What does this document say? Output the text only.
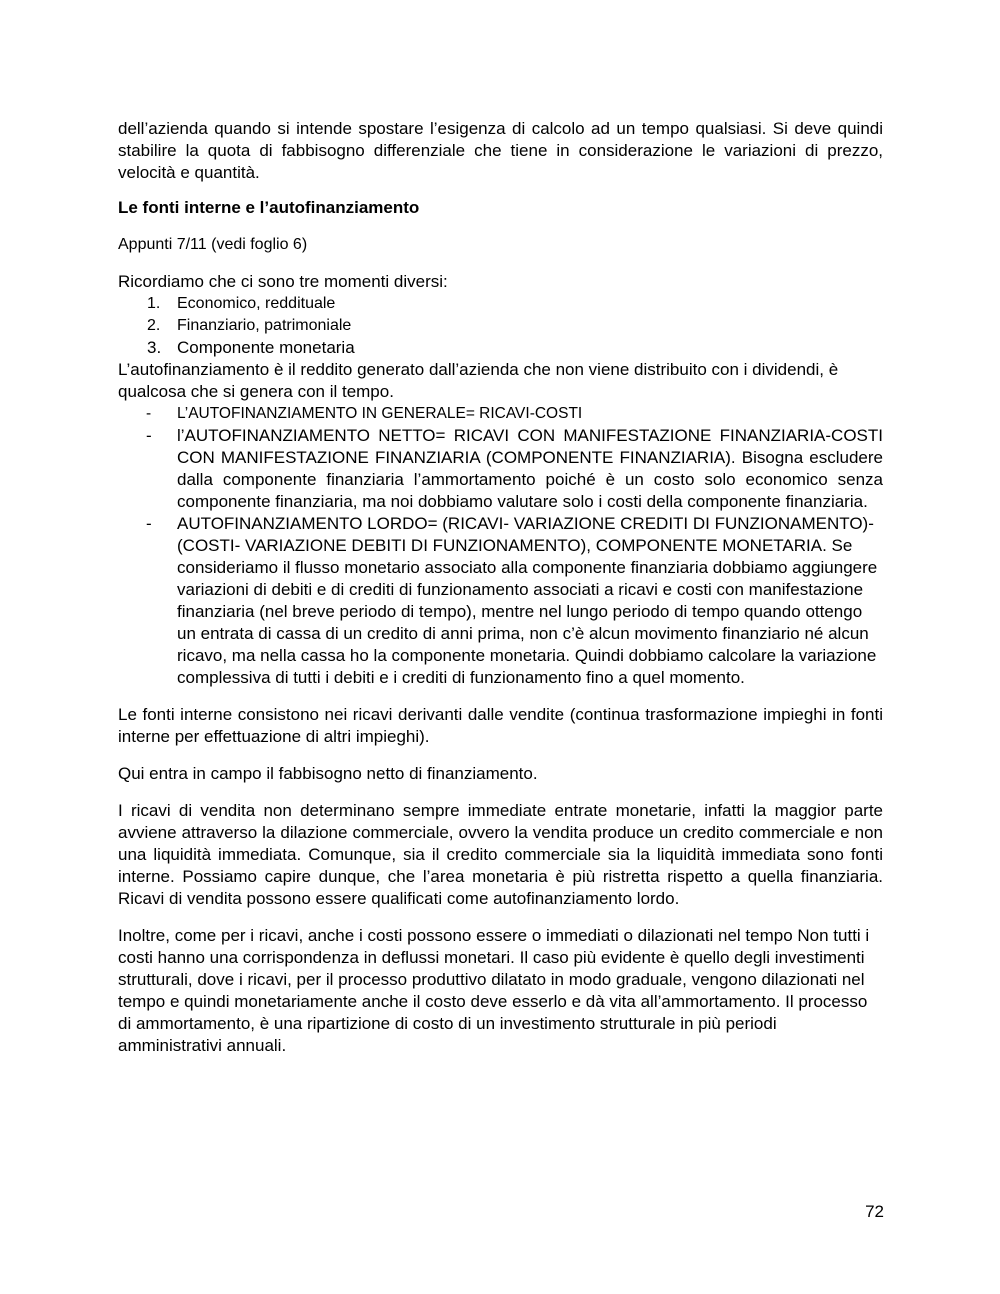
dell’azienda quando si intende spostare l’esigenza di calcolo ad un tempo qualsiasi. Si deve quindi stabilire la quota di fabbisogno differenziale che tiene in considerazione le variazioni di prezzo, velocità e quantità.

Le fonti interne e l’autofinanziamento

Appunti 7/11 (vedi foglio 6)

Ricordiamo che ci sono tre momenti diversi:

1. Economico, reddituale
2. Finanziario, patrimoniale
3. Componente monetaria

L’autofinanziamento è il reddito generato dall’azienda che non viene distribuito con i dividendi, è qualcosa che si genera con il tempo.

- L’AUTOFINANZIAMENTO IN GENERALE= RICAVI-COSTI
- l’AUTOFINANZIAMENTO NETTO= RICAVI CON MANIFESTAZIONE FINANZIARIA-COSTI CON MANIFESTAZIONE FINANZIARIA (COMPONENTE FINANZIARIA). Bisogna escludere dalla componente finanziaria l’ammortamento poiché è un costo solo economico senza componente finanziaria, ma noi dobbiamo valutare solo i costi della componente finanziaria.
- AUTOFINANZIAMENTO LORDO= (RICAVI- VARIAZIONE CREDITI DI FUNZIONAMENTO)- (COSTI- VARIAZIONE DEBITI DI FUNZIONAMENTO), COMPONENTE MONETARIA. Se consideriamo il flusso monetario associato alla componente finanziaria dobbiamo aggiungere variazioni di debiti e di crediti di funzionamento associati a ricavi e costi con manifestazione finanziaria (nel breve periodo di tempo), mentre nel lungo periodo di tempo quando ottengo un entrata di cassa di un credito di anni prima, non c’è alcun movimento finanziario né alcun ricavo, ma nella cassa ho la componente monetaria. Quindi dobbiamo calcolare la variazione complessiva di tutti i debiti e i crediti di funzionamento fino a quel momento.

Le fonti interne consistono nei ricavi derivanti dalle vendite (continua trasformazione impieghi in fonti interne per effettuazione di altri impieghi).

Qui entra in campo il fabbisogno netto di finanziamento.

I ricavi di vendita non determinano sempre immediate entrate monetarie, infatti la maggior parte avviene attraverso la dilazione commerciale, ovvero la vendita produce un credito commerciale e non una liquidità immediata. Comunque, sia il credito commerciale sia la liquidità immediata sono fonti interne. Possiamo capire dunque, che l’area monetaria è più ristretta rispetto a quella finanziaria. Ricavi di vendita possono essere qualificati come autofinanziamento lordo.

Inoltre, come per i ricavi, anche i costi possono essere o immediati o dilazionati nel tempo Non tutti i costi hanno una corrispondenza in deflussi monetari. Il caso più evidente è quello degli investimenti strutturali, dove i ricavi, per il processo produttivo dilatato in modo graduale, vengono dilazionati nel tempo e quindi monetariamente anche il costo deve esserlo e dà vita all’ammortamento. Il processo di ammortamento, è una ripartizione di costo di un investimento strutturale in più periodi amministrativi annuali.

72
